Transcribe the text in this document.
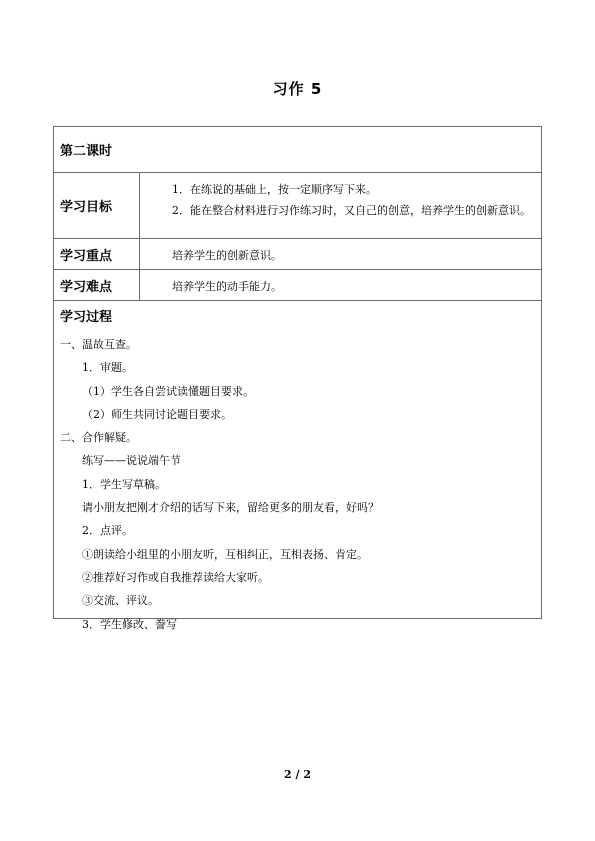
习作 5
第二课时
学习目标

1．在练说的基础上，按一定顺序写下来。

2．能在整合材料进行习作练习时，又自己的创意，培养学生的创新意识。

学习重点	培养学生的创新意识。

学习难点	培养学生的动手能力。

学习过程
一、温故互查。
1．审题。
（1）学生各自尝试读懂题目要求。
（2）师生共同讨论题目要求。
二、合作解疑。
练写——说说端午节
1．学生写草稿。
请小朋友把刚才介绍的话写下来，留给更多的朋友看，好吗？
2．点评。
①朗读给小组里的小朋友听，互相纠正，互相表扬、肯定。
②推荐好习作或自我推荐读给大家听。
③交流、评议。
3．学生修改、誊写
2 / 2
